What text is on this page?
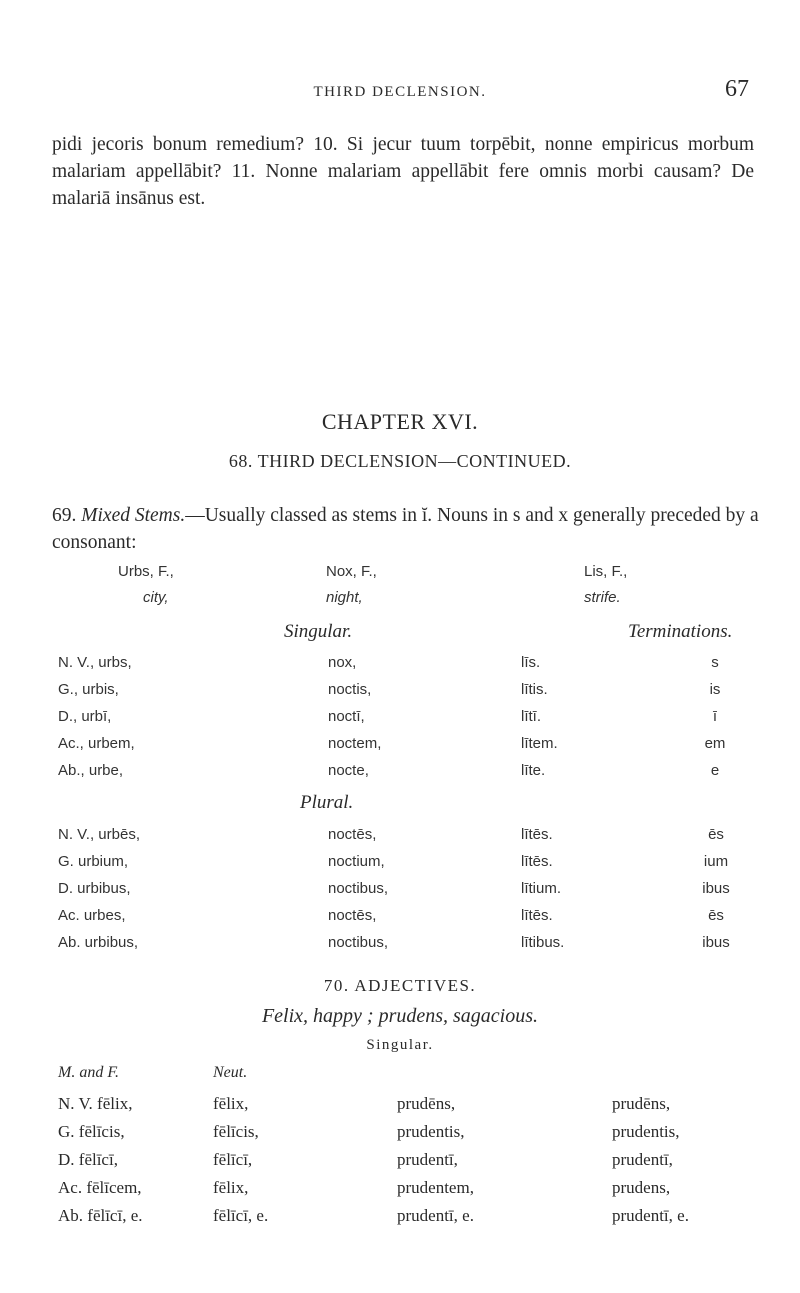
THIRD DECLENSION.	67
pidi jecoris bonum remedium? 10. Si jecur tuum torpēbit, nonne empiricus morbum malariam appellābit? 11. Nonne malariam appellābit fere omnis morbi causam? De malariā insānus est.
CHAPTER XVI.
68. THIRD DECLENSION—CONTINUED.
69. Mixed Stems.—Usually classed as stems in ĭ. Nouns in s and x generally preceded by a consonant:
Urbs, F.,
city,
Nox, F.,
night,
Lis, F.,
strife.
Singular.	Terminations.
N. V., urbs,	nox,	līs.	s
G., urbis,	noctis,	lītis.	is
D., urbī,	noctī,	lītī.	ī
Ac., urbem,	noctem,	lītem.	em
Ab., urbe,	nocte,	līte.	e
Plural.
N. V., urbēs,	noctēs,	lītēs.	ēs
G. urbium,	noctium,	lītēs.	ium
D. urbibus,	noctibus,	lītium.	ibus
Ac. urbes,	noctēs,	lītēs.	ēs
Ab. urbibus,	noctibus,	lītibus.	ibus
70. ADJECTIVES.
Felix, happy ; prudens, sagacious.
Singular.
M. and F.	Neut.
N. V. fēlix,	fēlix,	prudēns,	prudēns,
G. fēlīcis,	fēlīcis,	prudentis,	prudentis,
D. fēlīcī,	fēlīcī,	prudentī,	prudentī,
Ac. fēlīcem,	fēlix,	prudentem,	prudens,
Ab. fēlīcī, e.	fēlīcī, e.	prudentī, e.	prudentī, e.
